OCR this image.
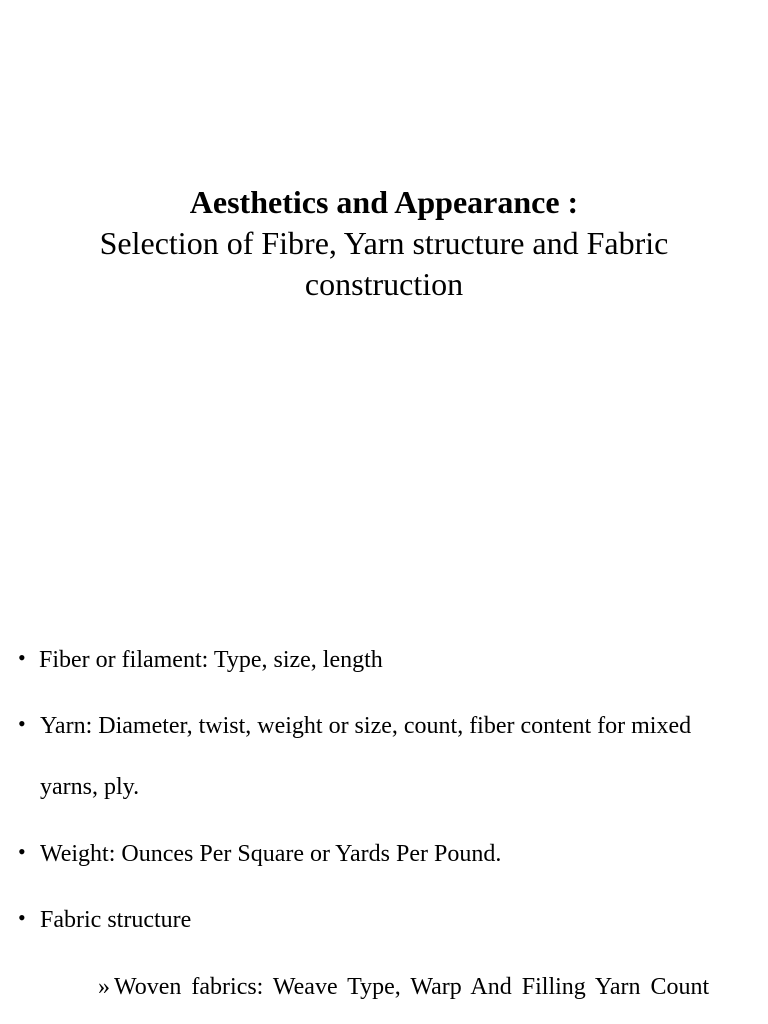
Aesthetics and Appearance :
Selection of Fibre, Yarn structure and Fabric
construction
• Fiber or filament: Type, size, length
• Yarn: Diameter, twist, weight or size, count, fiber content for mixed
yarns, ply.
• Weight: Ounces Per Square or Yards Per Pound.
• Fabric structure
» Woven fabrics: Weave Type, Warp And Filling Yarn Count
